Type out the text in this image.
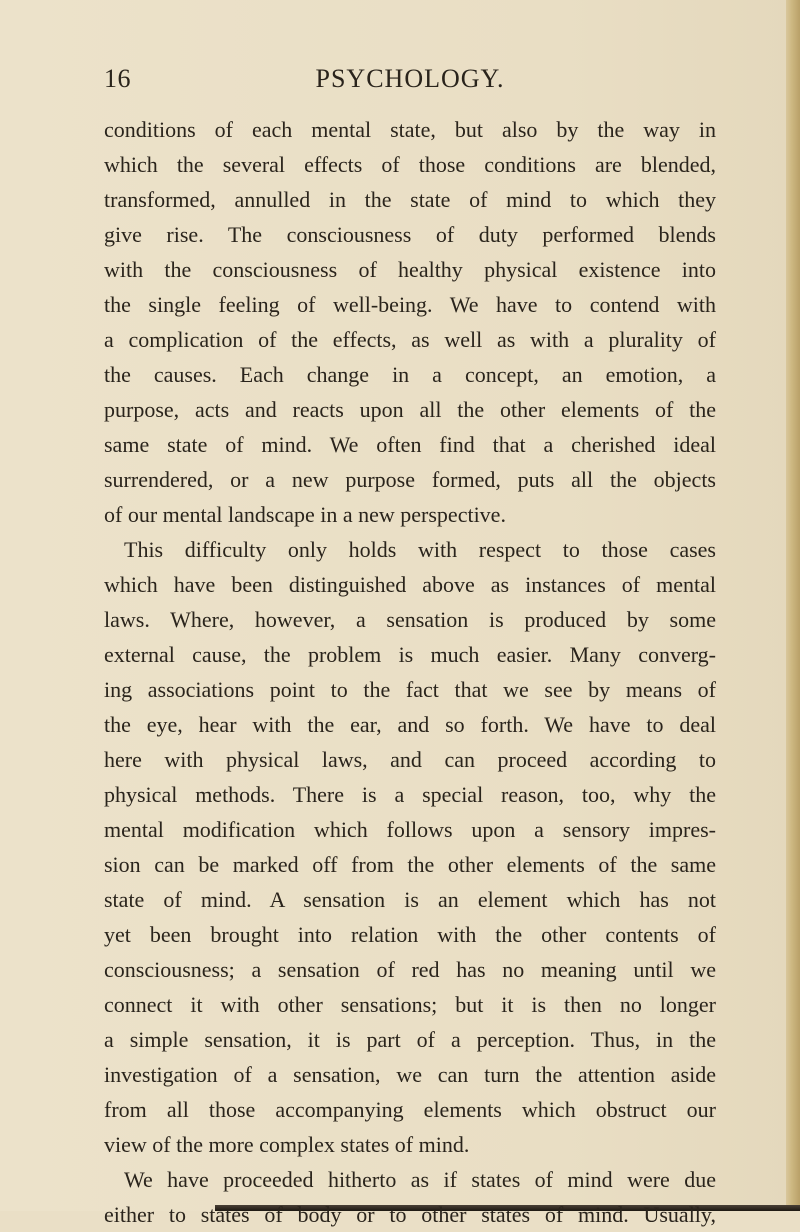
16	PSYCHOLOGY.
conditions of each mental state, but also by the way in
which the several effects of those conditions are blended,
transformed, annulled in the state of mind to which they
give rise. The consciousness of duty performed blends
with the consciousness of healthy physical existence into
the single feeling of well-being. We have to contend with
a complication of the effects, as well as with a plurality of
the causes. Each change in a concept, an emotion, a
purpose, acts and reacts upon all the other elements of the
same state of mind. We often find that a cherished ideal
surrendered, or a new purpose formed, puts all the objects
of our mental landscape in a new perspective.
This difficulty only holds with respect to those cases
which have been distinguished above as instances of mental
laws. Where, however, a sensation is produced by some
external cause, the problem is much easier. Many converg-
ing associations point to the fact that we see by means of
the eye, hear with the ear, and so forth. We have to deal
here with physical laws, and can proceed according to
physical methods. There is a special reason, too, why the
mental modification which follows upon a sensory impres-
sion can be marked off from the other elements of the same
state of mind. A sensation is an element which has not
yet been brought into relation with the other contents of
consciousness; a sensation of red has no meaning until we
connect it with other sensations; but it is then no longer
a simple sensation, it is part of a perception. Thus, in the
investigation of a sensation, we can turn the attention aside
from all those accompanying elements which obstruct our
view of the more complex states of mind.
We have proceeded hitherto as if states of mind were due
either to states of body or to other states of mind. Usually,
